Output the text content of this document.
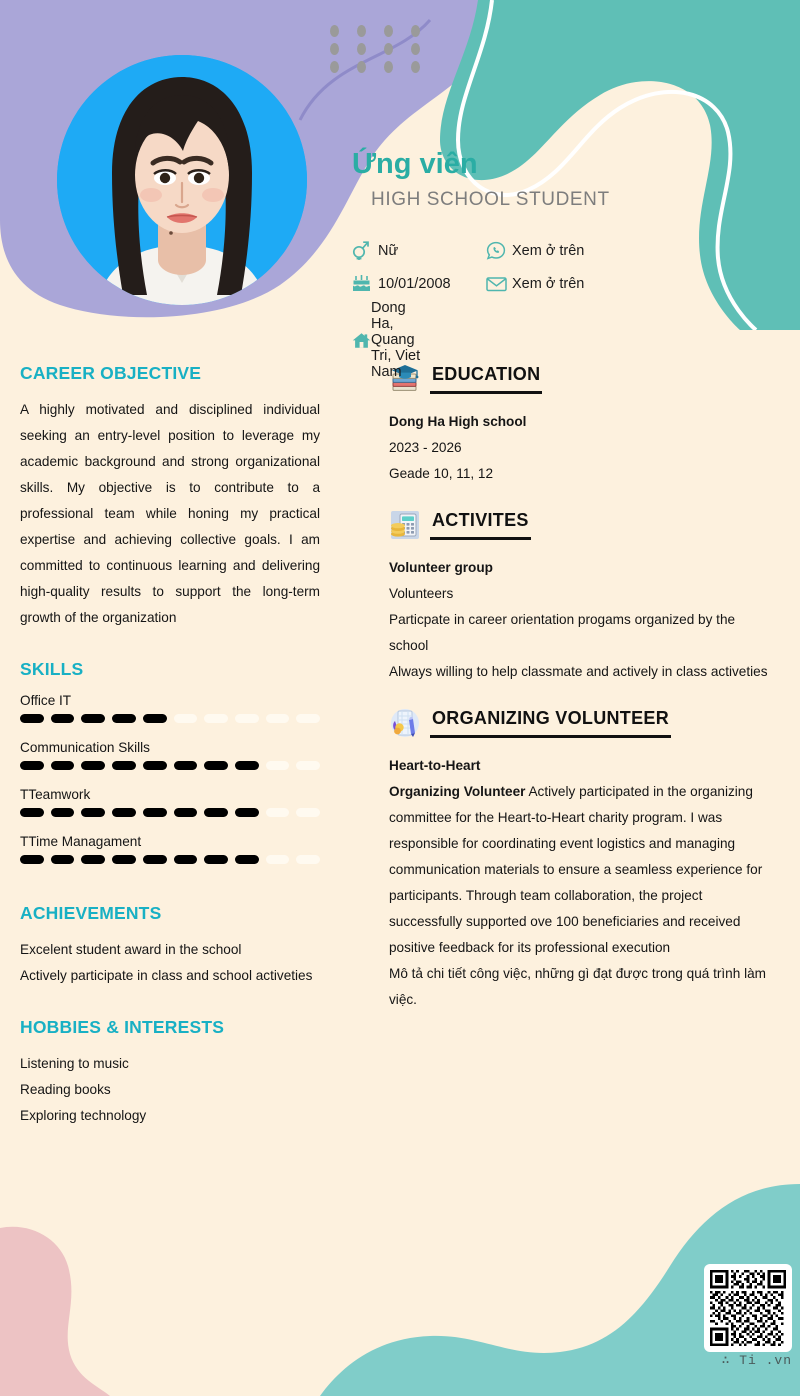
Ứng viên
HIGH SCHOOL STUDENT
Nữ
10/01/2008
Xem ở trên
Xem ở trên
Dong Ha, Quang Tri, Viet Nam
CAREER OBJECTIVE
A highly motivated and disciplined individual seeking an entry-level position to leverage my academic background and strong organizational skills. My objective is to contribute to a professional team while honing my practical expertise and achieving collective goals. I am committed to continuous learning and delivering high-quality results to support the long-term growth of the organization
SKILLS
Office IT
Communication Skills
TTeamwork
TTime Managament
ACHIEVEMENTS
Excelent student award in the school
Actively participate in class and school activeties
HOBBIES & INTERESTS
Listening to music
Reading books
Exploring technology
EDUCATION
Dong Ha High school
2023 - 2026
Geade 10, 11, 12
ACTIVITES
Volunteer group
Volunteers
Particpate in career orientation progams organized by the school
Always willing to help classmate and actively in class activeties
ORGANIZING VOLUNTEER
Heart-to-Heart
Organizing Volunteer Actively participated in the organizing committee for the Heart-to-Heart charity program. I was responsible for coordinating event logistics and managing communication materials to ensure a seamless experience for participants. Through team collaboration, the project successfully supported ove 100 beneficiaries and received positive feedback for its professional execution
Mô tả chi tiết công việc, những gì đạt được trong quá trình làm việc.
∴ Ti .vn
